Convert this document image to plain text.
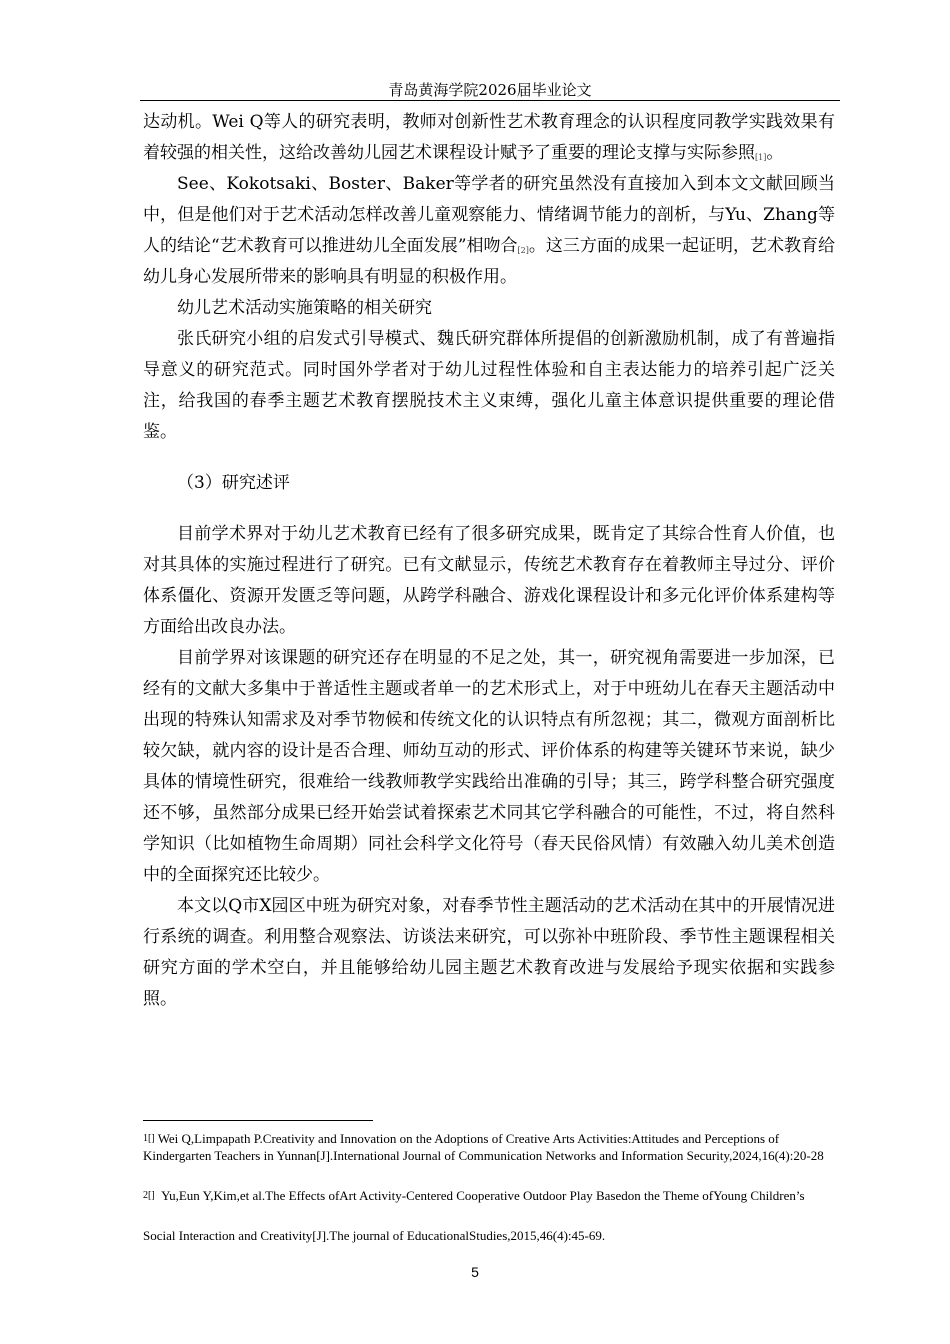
青岛黄海学院2026届毕业论文

达动机。Wei Q等人的研究表明，教师对创新性艺术教育理念的认识程度同教学实践效果有着较强的相关性，这给改善幼儿园艺术课程设计赋予了重要的理论支撑与实际参照[1]。

See、Kokotsaki、Boster、Baker等学者的研究虽然没有直接加入到本文文献回顾当中，但是他们对于艺术活动怎样改善儿童观察能力、情绪调节能力的剖析，与Yu、Zhang等人的结论“艺术教育可以推进幼儿全面发展”相吻合[2]。这三方面的成果一起证明，艺术教育给幼儿身心发展所带来的影响具有明显的积极作用。

幼儿艺术活动实施策略的相关研究

张氏研究小组的启发式引导模式、魏氏研究群体所提倡的创新激励机制，成了有普遍指导意义的研究范式。同时国外学者对于幼儿过程性体验和自主表达能力的培养引起广泛关注，给我国的春季主题艺术教育摆脱技术主义束缚，强化儿童主体意识提供重要的理论借鉴。

（3）研究述评

目前学术界对于幼儿艺术教育已经有了很多研究成果，既肯定了其综合性育人价值，也对其具体的实施过程进行了研究。已有文献显示，传统艺术教育存在着教师主导过分、评价体系僵化、资源开发匮乏等问题，从跨学科融合、游戏化课程设计和多元化评价体系建构等方面给出改良办法。

目前学界对该课题的研究还存在明显的不足之处，其一，研究视角需要进一步加深，已经有的文献大多集中于普适性主题或者单一的艺术形式上，对于中班幼儿在春天主题活动中出现的特殊认知需求及对季节物候和传统文化的认识特点有所忽视；其二，微观方面剖析比较欠缺，就内容的设计是否合理、师幼互动的形式、评价体系的构建等关键环节来说，缺少具体的情境性研究，很难给一线教师教学实践给出准确的引导；其三，跨学科整合研究强度还不够，虽然部分成果已经开始尝试着探索艺术同其它学科融合的可能性，不过，将自然科学知识（比如植物生命周期）同社会科学文化符号（春天民俗风情）有效融入幼儿美术创造中的全面探究还比较少。

本文以Q市X园区中班为研究对象，对春季节性主题活动的艺术活动在其中的开展情况进行系统的调查。利用整合观察法、访谈法来研究，可以弥补中班阶段、季节性主题课程相关研究方面的学术空白，并且能够给幼儿园主题艺术教育改进与发展给予现实依据和实践参照。

$^{1[]}$ Wei Q,Limpapath P.Creativity and Innovation on the Adoptions of Creative Arts Activities:Attitudes and Perceptions of Kindergarten Teachers in Yunnan[J].International Journal of Communication Networks and Information Security,2024,16(4):20-28

$^{2[]}$ Yu,Eun Y,Kim,et al.The Effects ofArt Activity-Centered Cooperative Outdoor Play Basedon the Theme ofYoung Children’s Social Interaction and Creativity[J].The journal of EducationalStudies,2015,46(4):45-69.

5
